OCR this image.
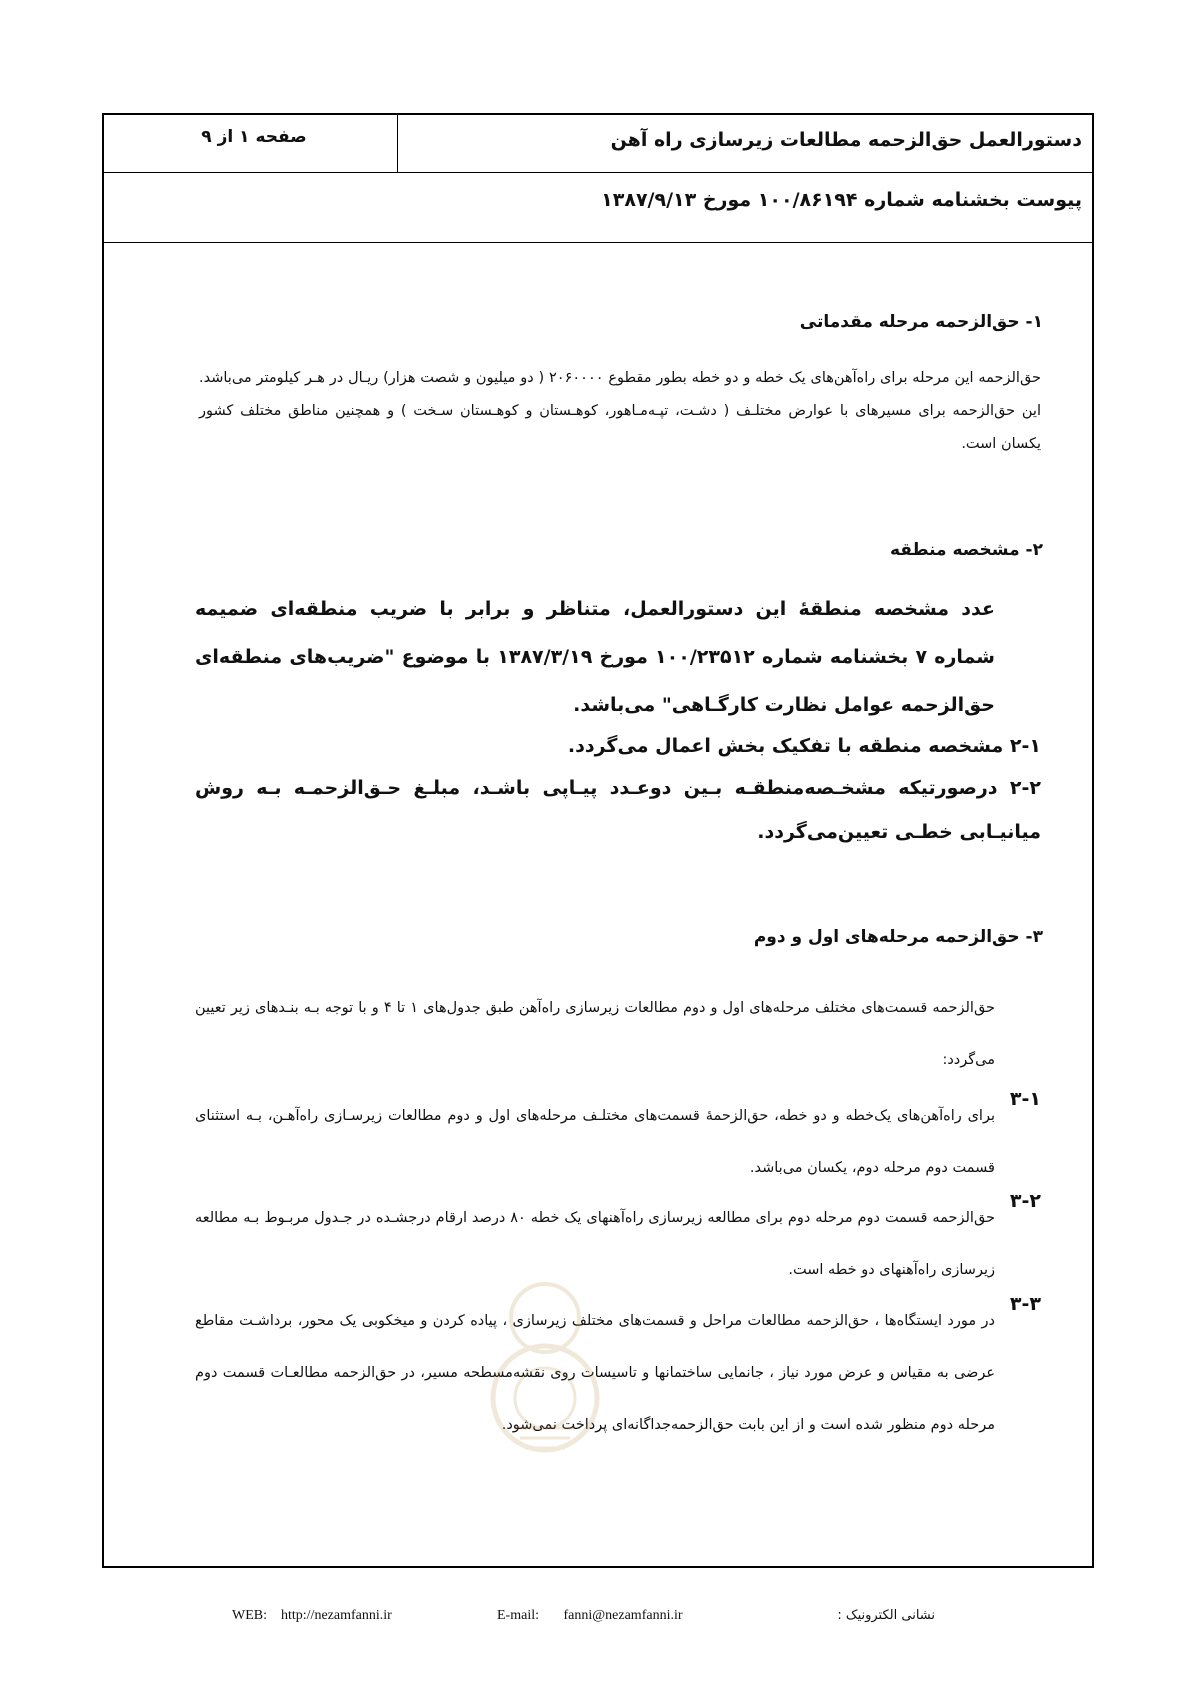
دستورالعمل حق‌الزحمه مطالعات زیرسازی راه آهن
صفحه ۱ از ۹
پیوست بخشنامه شماره ۱۰۰/۸۶۱۹۴ مورخ ۱۳۸۷/۹/۱۳
۱- حق‌الزحمه مرحله مقدماتی
حق‌الزحمه این مرحله برای راه‌آهن‌های یک خطه و دو خطه بطور مقطوع ۲۰۶۰۰۰۰ ( دو میلیون و شصت هزار) ریـال در هـر کیلومتر می‌باشد. این حق‌الزحمه برای مسیرهای با عوارض مختلـف ( دشـت، تپـه‌مـاهور، کوهـستان و کوهـستان سـخت ) و همچنین مناطق مختلف کشور یکسان است.
۲- مشخصه منطقه
عدد مشخصه منطقهٔ این دستورالعمل، متناظر و برابر با ضریب منطقه‌ای ضمیمه شماره ۷ بخشنامه شماره ۱۰۰/۲۳۵۱۲ مورخ ۱۳۸۷/۳/۱۹ با موضوع "ضریب‌های منطقه‌ای حق‌الزحمه عوامل نظارت کارگـاهی" می‌باشد.
۲-۱ مشخصه منطقه با تفکیک بخش اعمال می‌گردد.
۲-۲ درصورتیکه مشخـصه‌منطقـه بـین دوعـدد پیـاپی باشـد، مبلـغ حـق‌الزحمـه بـه روش میانیـابی خطـی تعیین‌می‌گردد.
۳- حق‌الزحمه مرحله‌های اول و دوم
حق‌الزحمه قسمت‌های مختلف مرحله‌های اول و دوم مطالعات زیرسازی راه‌آهن طبق جدول‌های ۱ تا ۴ و با توجه بـه بنـدهای زیر تعیین می‌گردد:
۳-۱
برای راه‌آهن‌های یک‌خطه و دو خطه، حق‌الزحمهٔ قسمت‌های مختلـف مرحله‌های اول و دوم مطالعات زیرسـازی راه‌آهـن، بـه استثنای قسمت دوم مرحله دوم، یکسان می‌باشد.
۳-۲
حق‌الزحمه قسمت دوم مرحله دوم برای مطالعه زیرسازی راه‌آهنهای یک خطه ۸۰ درصد ارقام درجشـده در جـدول مربـوط بـه مطالعه زیرسازی راه‌آهنهای دو خطه است.
۳-۳
در مورد ایستگاه‌ها ، حق‌الزحمه مطالعات مراحل و قسمت‌های مختلف زیرسازی ، پیاده کردن و میخکوبی یک محور، برداشـت مقاطع عرضی به مقیاس و عرض مورد نیاز ، جانمایی ساختمانها و تاسیسات روی نقشه‌مسطحه مسیر، در حق‌الزحمه مطالعـات قسمت دوم مرحله دوم منظور شده است و از این بابت حق‌الزحمه‌جداگانه‌ای پرداخت نمی‌شود.
WEB: http://nezamfanni.ir	E-mail: fanni@nezamfanni.ir	نشانی الکترونیک :
